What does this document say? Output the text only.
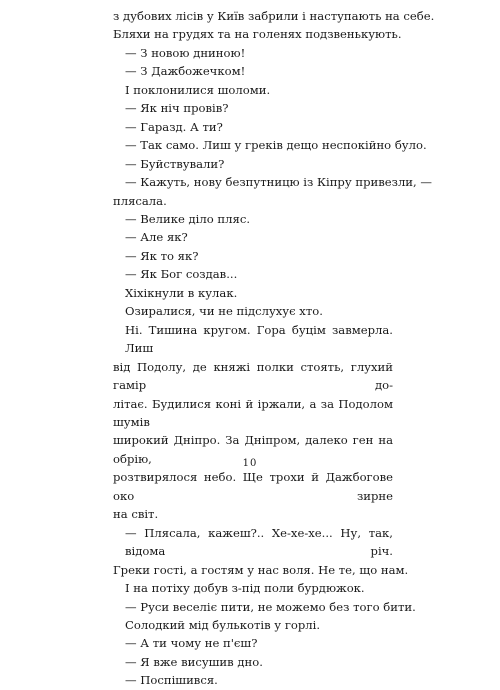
з дубових лісів у Київ забрили і наступають на себе.
Бляхи на грудях та на голенях подзвенькують.
— З новою дниною!
— З Дажбожечком!
І поклонилися шоломи.
— Як ніч провів?
— Гаразд. А ти?
— Так само. Лиш у греків дещо неспокійно було.
— Буйствували?
— Кажуть, нову безпутницю із Кіпру привезли, —
плясала.
— Велике діло пляс.
— Але як?
— Як то як?
— Як Бог создав...
Хіхікнули в кулак.
Озиралися, чи не підслухує хто.
Ні. Тишина кругом. Гора буцім завмерла. Лиш
від Подолу, де княжі полки стоять, глухий гамір до-
літає. Будилися коні й іржали, а за Подолом шумів
широкий Дніпро. За Дніпром, далеко ген на обрію,
розтвирялося небо. Ще трохи й Дажбогове око зирне
на світ.
— Плясала, кажеш?.. Хе-хе-хе... Ну, так, відома річ.
Греки гості, а гостям у нас воля. Не те, що нам.
І на потіху добув з-під поли бурдюжок.
— Руси веселіє пити, не можемо без того бити.
Солодкий мід булькотів у горлі.
— А ти чому не п'єш?
— Я вже висушив дно.
— Поспішився.
10
